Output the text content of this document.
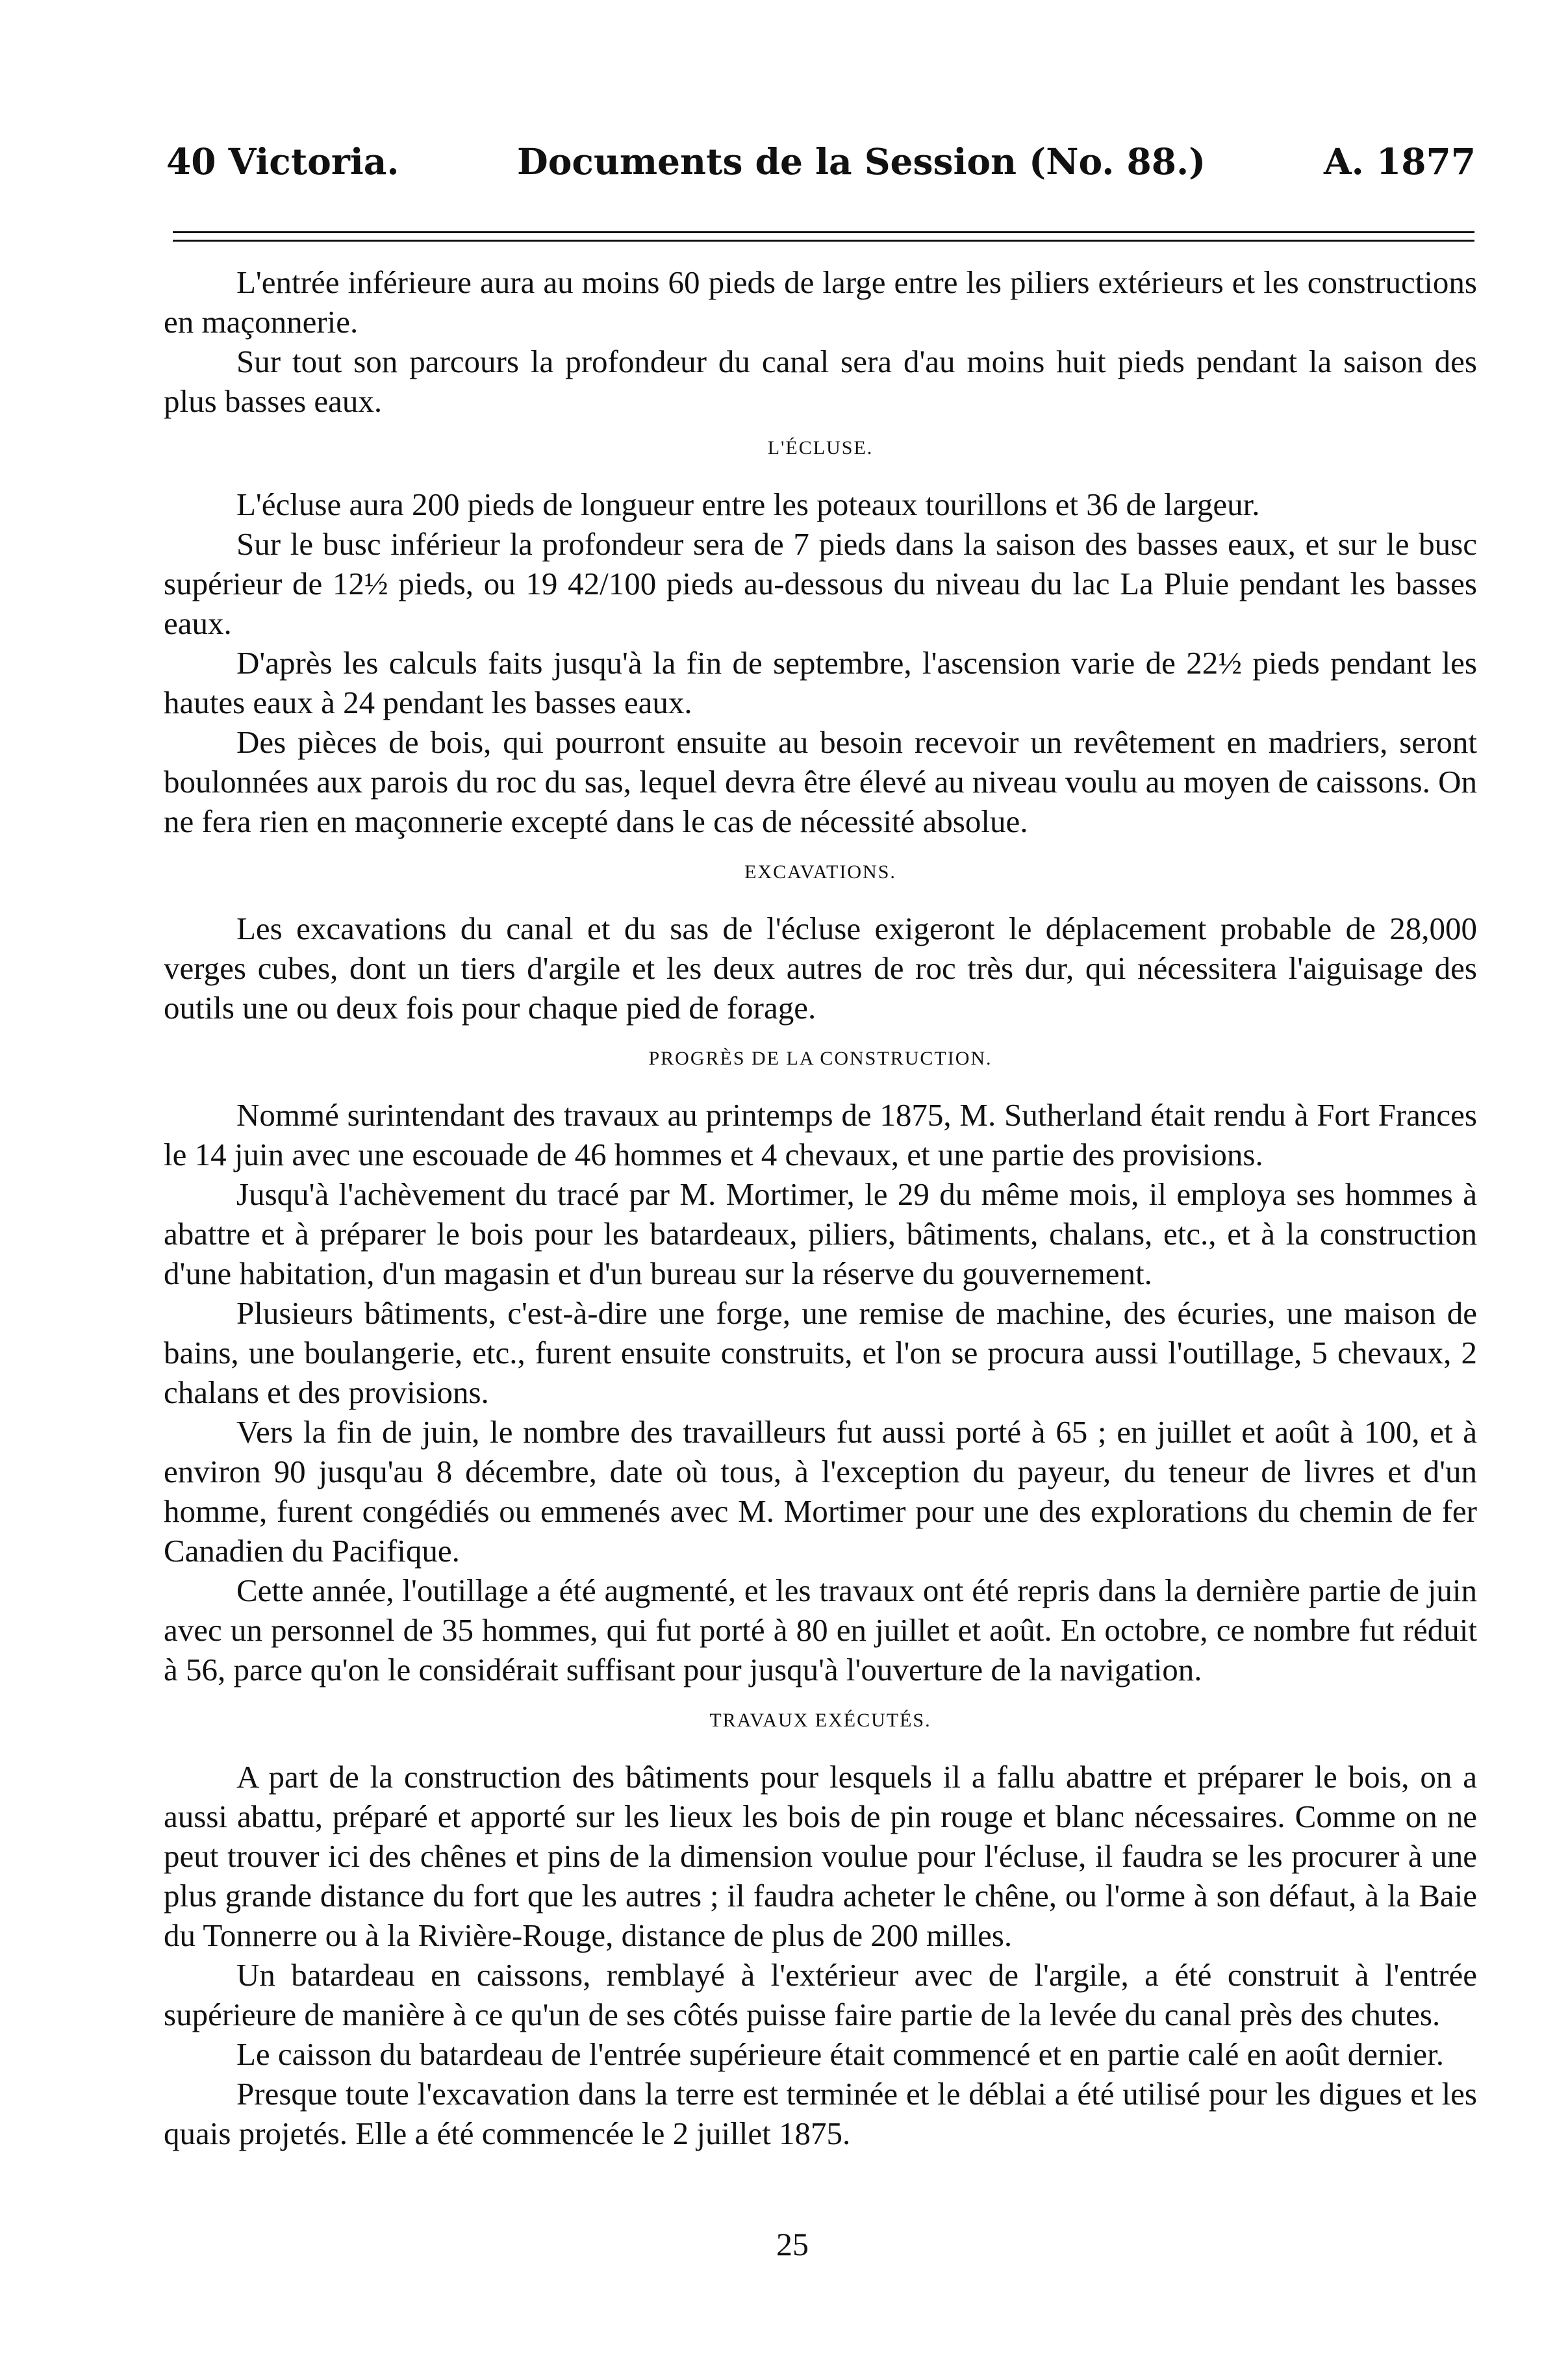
40 Victoria.	Documents de la Session (No. 88.)	A. 1877

L'entrée inférieure aura au moins 60 pieds de large entre les piliers extérieurs et les constructions en maçonnerie.

Sur tout son parcours la profondeur du canal sera d'au moins huit pieds pendant la saison des plus basses eaux.

L'ÉCLUSE.

L'écluse aura 200 pieds de longueur entre les poteaux tourillons et 36 de largeur.

Sur le busc inférieur la profondeur sera de 7 pieds dans la saison des basses eaux, et sur le busc supérieur de 12½ pieds, ou 19 42/100 pieds au-dessous du niveau du lac La Pluie pendant les basses eaux.

D'après les calculs faits jusqu'à la fin de septembre, l'ascension varie de 22½ pieds pendant les hautes eaux à 24 pendant les basses eaux.

Des pièces de bois, qui pourront ensuite au besoin recevoir un revêtement en madriers, seront boulonnées aux parois du roc du sas, lequel devra être élevé au niveau voulu au moyen de caissons. On ne fera rien en maçonnerie excepté dans le cas de nécessité absolue.

EXCAVATIONS.

Les excavations du canal et du sas de l'écluse exigeront le déplacement probable de 28,000 verges cubes, dont un tiers d'argile et les deux autres de roc très dur, qui nécessitera l'aiguisage des outils une ou deux fois pour chaque pied de forage.

PROGRÈS DE LA CONSTRUCTION.

Nommé surintendant des travaux au printemps de 1875, M. Sutherland était rendu à Fort Frances le 14 juin avec une escouade de 46 hommes et 4 chevaux, et une partie des provisions.

Jusqu'à l'achèvement du tracé par M. Mortimer, le 29 du même mois, il employa ses hommes à abattre et à préparer le bois pour les batardeaux, piliers, bâtiments, chalans, etc., et à la construction d'une habitation, d'un magasin et d'un bureau sur la réserve du gouvernement.

Plusieurs bâtiments, c'est-à-dire une forge, une remise de machine, des écuries, une maison de bains, une boulangerie, etc., furent ensuite construits, et l'on se procura aussi l'outillage, 5 chevaux, 2 chalans et des provisions.

Vers la fin de juin, le nombre des travailleurs fut aussi porté à 65 ; en juillet et août à 100, et à environ 90 jusqu'au 8 décembre, date où tous, à l'exception du payeur, du teneur de livres et d'un homme, furent congédiés ou emmenés avec M. Mortimer pour une des explorations du chemin de fer Canadien du Pacifique.

Cette année, l'outillage a été augmenté, et les travaux ont été repris dans la dernière partie de juin avec un personnel de 35 hommes, qui fut porté à 80 en juillet et août. En octobre, ce nombre fut réduit à 56, parce qu'on le considérait suffisant pour jusqu'à l'ouverture de la navigation.

TRAVAUX EXÉCUTÉS.

A part de la construction des bâtiments pour lesquels il a fallu abattre et préparer le bois, on a aussi abattu, préparé et apporté sur les lieux les bois de pin rouge et blanc nécessaires. Comme on ne peut trouver ici des chênes et pins de la dimension voulue pour l'écluse, il faudra se les procurer à une plus grande distance du fort que les autres ; il faudra acheter le chêne, ou l'orme à son défaut, à la Baie du Tonnerre ou à la Rivière-Rouge, distance de plus de 200 milles.

Un batardeau en caissons, remblayé à l'extérieur avec de l'argile, a été construit à l'entrée supérieure de manière à ce qu'un de ses côtés puisse faire partie de la levée du canal près des chutes.

Le caisson du batardeau de l'entrée supérieure était commencé et en partie calé en août dernier.

Presque toute l'excavation dans la terre est terminée et le déblai a été utilisé pour les digues et les quais projetés. Elle a été commencée le 2 juillet 1875.

25
